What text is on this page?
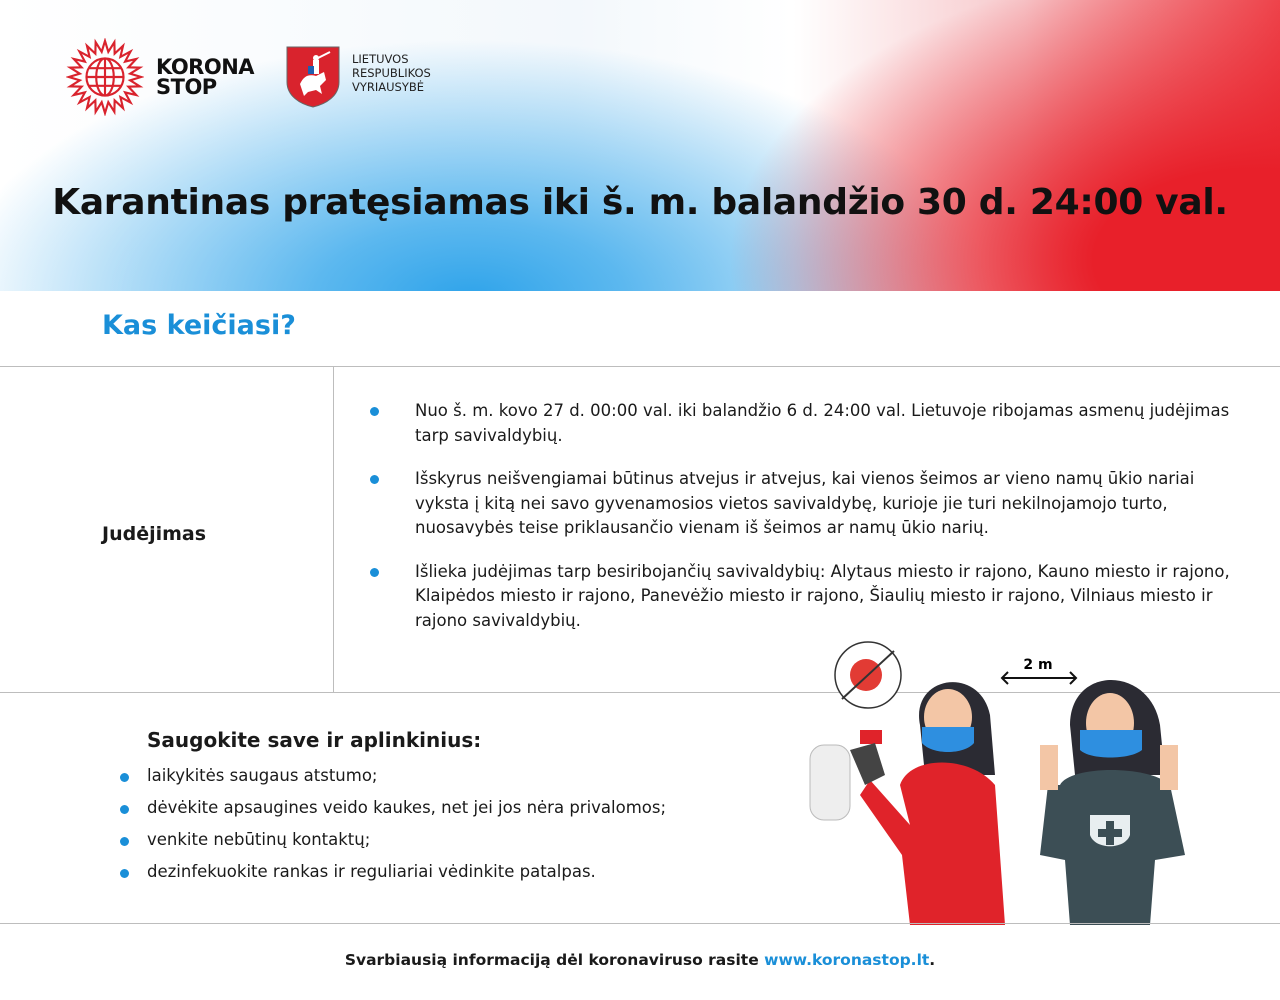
KORONA
STOP
LIETUVOS
RESPUBLIKOS
VYRIAUSYBĖ
Karantinas pratęsiamas iki š. m. balandžio 30 d. 24:00 val.
Kas keičiasi?
Judėjimas
Nuo š. m. kovo 27 d. 00:00 val. iki balandžio 6 d. 24:00 val. Lietuvoje ribojamas asmenų judėjimas tarp savivaldybių.
Išskyrus neišvengiamai būtinus atvejus ir atvejus, kai vienos šeimos ar vieno namų ūkio nariai vyksta į kitą nei savo gyvenamosios vietos savivaldybę, kurioje jie turi nekilnojamojo turto, nuosavybės teise priklausančio vienam iš šeimos ar namų ūkio narių.
Išlieka judėjimas tarp besiribojančių savivaldybių: Alytaus miesto ir rajono, Kauno miesto ir rajono, Klaipėdos miesto ir rajono, Panevėžio miesto ir rajono, Šiaulių miesto ir rajono, Vilniaus miesto ir rajono savivaldybių.
Saugokite save ir aplinkinius:
laikykitės saugaus atstumo;
dėvėkite apsaugines veido kaukes, net jei jos nėra privalomos;
venkite nebūtinų kontaktų;
dezinfekuokite rankas ir reguliariai vėdinkite patalpas.
2 m
Svarbiausią informaciją dėl koronaviruso rasite www.koronastop.lt.
